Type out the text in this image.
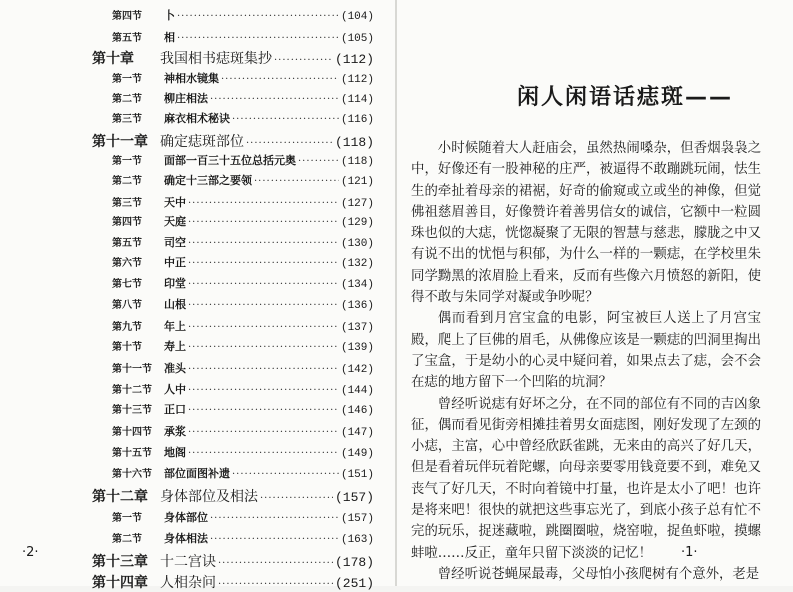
第四节	卜 ·····	(104)
第五节	相 ·····	(105)
第十章	我国相书痣斑集抄 ·····	(112)
第一节	神相水镜集 ·····	(112)
第二节	柳庄相法 ·····	(114)
第三节	麻衣相术秘诀 ·····	(116)
第十一章 确定痣斑部位 ·····	(118)
第一节	面部一百三十五位总括元奥 ·····	(118)
第二节	确定十三部之要领 ·····	(121)
第三节	天中 ·····	(127)
第四节	天庭 ·····	(129)
第五节	司空 ·····	(130)
第六节	中正 ·····	(132)
第七节	印堂 ·····	(134)
第八节	山根 ·····	(136)
第九节	年上 ·····	(137)
第十节	寿上 ·····	(139)
第十一节	准头 ·····	(142)
第十二节	人中 ·····	(144)
第十三节	正口 ·····	(146)
第十四节	承浆 ·····	(147)
第十五节	地阁 ·····	(149)
第十六节	部位面图补遗 ·····	(151)
第十二章 身体部位及相法 ·····	(157)
第一节	身体部位 ·····	(157)
第二节	身体相法 ·····	(163)
第十三章 十二宫诀 ·····	(178)
第十四章 人相杂问 ·····	(251)
·2·
闲人闲语话痣斑——

小时候随着大人赶庙会，虽然热闹嗓杂，但香烟袅袅之中，好像还有一股神秘的庄严，被逼得不敢蹦跳玩闹，怯生生的牵扯着母亲的裙裾，好奇的偷窥或立或坐的神像，但觉佛祖慈眉善目，好像赞许着善男信女的诚信，它额中一粒圆珠也似的大痣，恍惚凝聚了无限的智慧与慈悲，朦胧之中又有说不出的忧悒与积郁，为什么一样的一颗痣，在学校里朱同学黝黑的浓眉脸上看来，反而有些像六月愤怒的新阳，使得不敢与朱同学对凝或争吵呢？

偶而看到月宫宝盒的电影，阿宝被巨人送上了月宫宝殿，爬上了巨佛的眉毛，从佛像应该是一颗痣的凹洞里掏出了宝盒，于是幼小的心灵中疑问着，如果点去了痣，会不会在痣的地方留下一个凹陷的坑洞？

曾经听说痣有好坏之分，在不同的部位有不同的吉凶象征，偶而看见街旁相摊挂着男女面痣图，刚好发现了左颈的小痣，主富，心中曾经欣跃雀跳，无来由的高兴了好几天，但是看着玩伴玩着陀螺，向母亲要零用钱竟要不到，难免又丧气了好几天，不时向着镜中打量，也许是太小了吧！也许是将来吧！很快的就把这些事忘光了，到底小孩子总有忙不完的玩乐，捉迷藏啦，跳圈圈啦，烧窑啦，捉鱼虾啦，摸螺蚌啦……反正，童年只留下淡淡的记忆！

曾经听说苍蝇屎最毒，父母怕小孩爬树有个意外，老是

·1·
